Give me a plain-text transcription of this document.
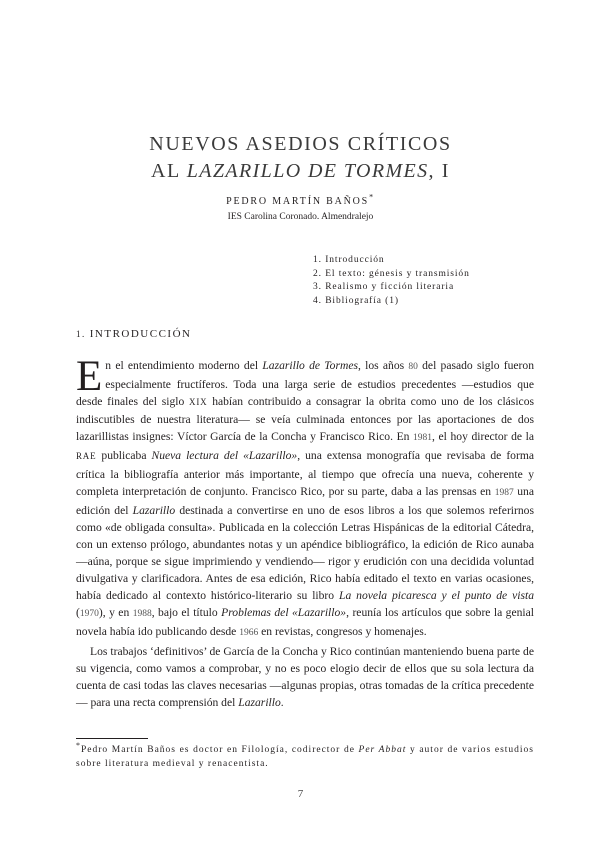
NUEVOS ASEDIOS CRÍTICOS
AL LAZARILLO DE TORMES, I
PEDRO MARTÍN BAÑOS*
IES Carolina Coronado. Almendralejo
1. Introducción
2. El texto: génesis y transmisión
3. Realismo y ficción literaria
4. Bibliografía (1)
1. INTRODUCCIÓN

En el entendimiento moderno del Lazarillo de Tormes, los años 80 del pasado siglo fueron especialmente fructíferos. Toda una larga serie de estudios precedentes —estudios que desde finales del siglo XIX habían contribuido a consagrar la obrita como uno de los clásicos indiscutibles de nuestra literatura— se veía culminada entonces por las aportaciones de dos lazarillistas insignes: Víctor García de la Concha y Francisco Rico. En 1981, el hoy director de la RAE publicaba Nueva lectura del «Lazarillo», una extensa monografía que revisaba de forma crítica la bibliografía anterior más importante, al tiempo que ofrecía una nueva, coherente y completa interpretación de conjunto. Francisco Rico, por su parte, daba a las prensas en 1987 una edición del Lazarillo destinada a convertirse en uno de esos libros a los que solemos referirnos como «de obligada consulta». Publicada en la colección Letras Hispánicas de la editorial Cátedra, con un extenso prólogo, abundantes notas y un apéndice bibliográfico, la edición de Rico aunaba —aúna, porque se sigue imprimiendo y vendiendo— rigor y erudición con una decidida voluntad divulgativa y clarificadora. Antes de esa edición, Rico había editado el texto en varias ocasiones, había dedicado al contexto histórico-literario su libro La novela picaresca y el punto de vista (1970), y en 1988, bajo el título Problemas del «Lazarillo», reunía los artículos que sobre la genial novela había ido publicando desde 1966 en revistas, congresos y homenajes.

Los trabajos ‘definitivos’ de García de la Concha y Rico continúan manteniendo buena parte de su vigencia, como vamos a comprobar, y no es poco elogio decir de ellos que su sola lectura da cuenta de casi todas las claves necesarias —algunas propias, otras tomadas de la crítica precedente— para una recta comprensión del Lazarillo.

*Pedro Martín Baños es doctor en Filología, codirector de Per Abbat y autor de varios estudios sobre literatura medieval y renacentista.

7
